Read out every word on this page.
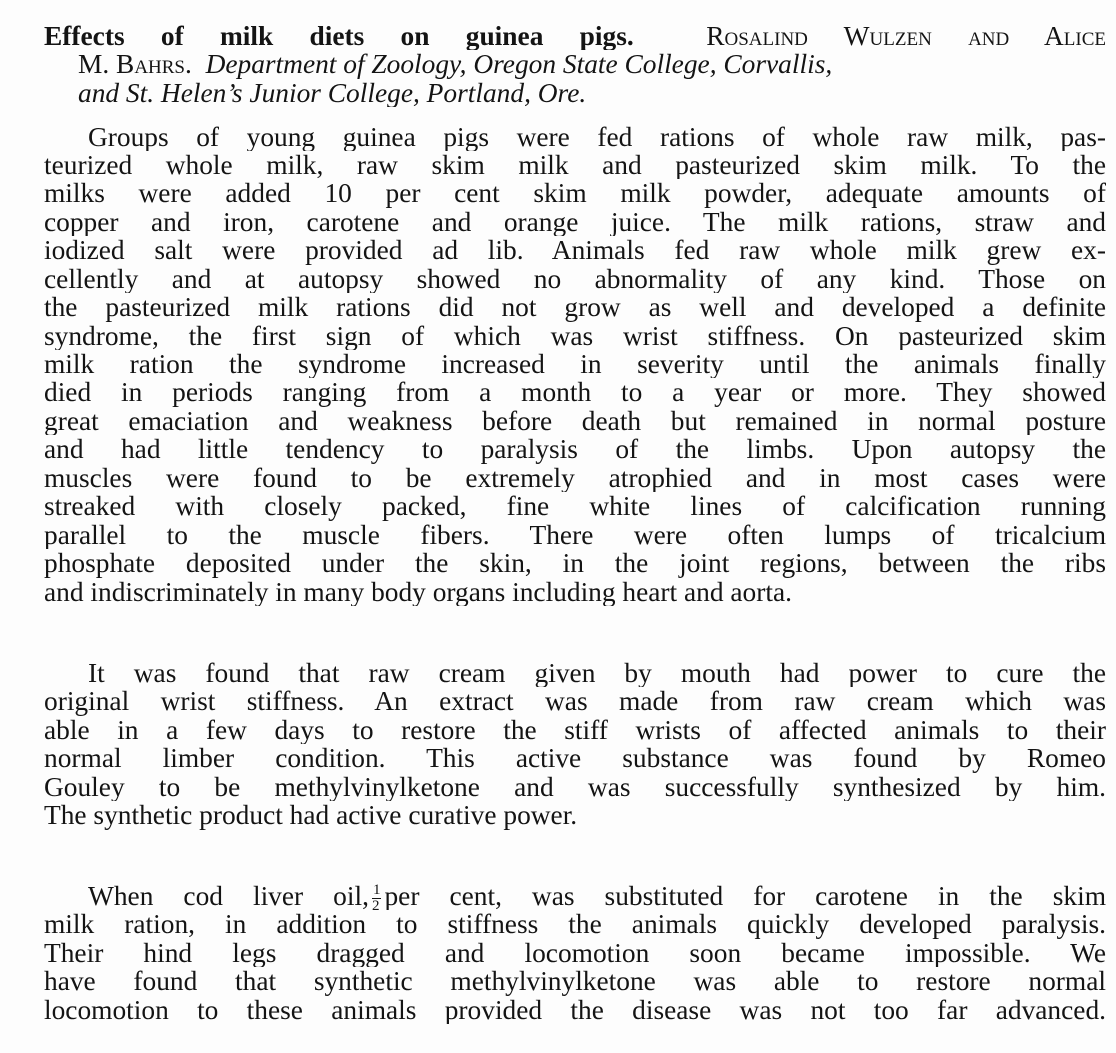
Effects of milk diets on guinea pigs.	Rosalind Wulzen and Alice
M. Bahrs. Department of Zoology, Oregon State College, Corvallis,
and St. Helen’s Junior College, Portland, Ore.
Groups of young guinea pigs were fed rations of whole raw milk, pas-
teurized whole milk, raw skim milk and pasteurized skim milk. To the
milks were added 10 per cent skim milk powder, adequate amounts of
copper and iron, carotene and orange juice. The milk rations, straw and
iodized salt were provided ad lib. Animals fed raw whole milk grew ex-
cellently and at autopsy showed no abnormality of any kind. Those on
the pasteurized milk rations did not grow as well and developed a definite
syndrome, the first sign of which was wrist stiffness. On pasteurized skim
milk ration the syndrome increased in severity until the animals finally
died in periods ranging from a month to a year or more. They showed
great emaciation and weakness before death but remained in normal posture
and had little tendency to paralysis of the limbs. Upon autopsy the
muscles were found to be extremely atrophied and in most cases were
streaked with closely packed, fine white lines of calcification running
parallel to the muscle fibers. There were often lumps of tricalcium
phosphate deposited under the skin, in the joint regions, between the ribs
and indiscriminately in many body organs including heart and aorta.
It was found that raw cream given by mouth had power to cure the
original wrist stiffness. An extract was made from raw cream which was
able in a few days to restore the stiff wrists of affected animals to their
normal limber condition. This active substance was found by Romeo
Gouley to be methylvinylketone and was successfully synthesized by him.
The synthetic product had active curative power.
When cod liver oil, $\frac{1}{2}$ per cent, was substituted for carotene in the skim
milk ration, in addition to stiffness the animals quickly developed paralysis.
Their hind legs dragged and locomotion soon became impossible. We
have found that synthetic methylvinylketone was able to restore normal
locomotion to these animals provided the disease was not too far advanced.
